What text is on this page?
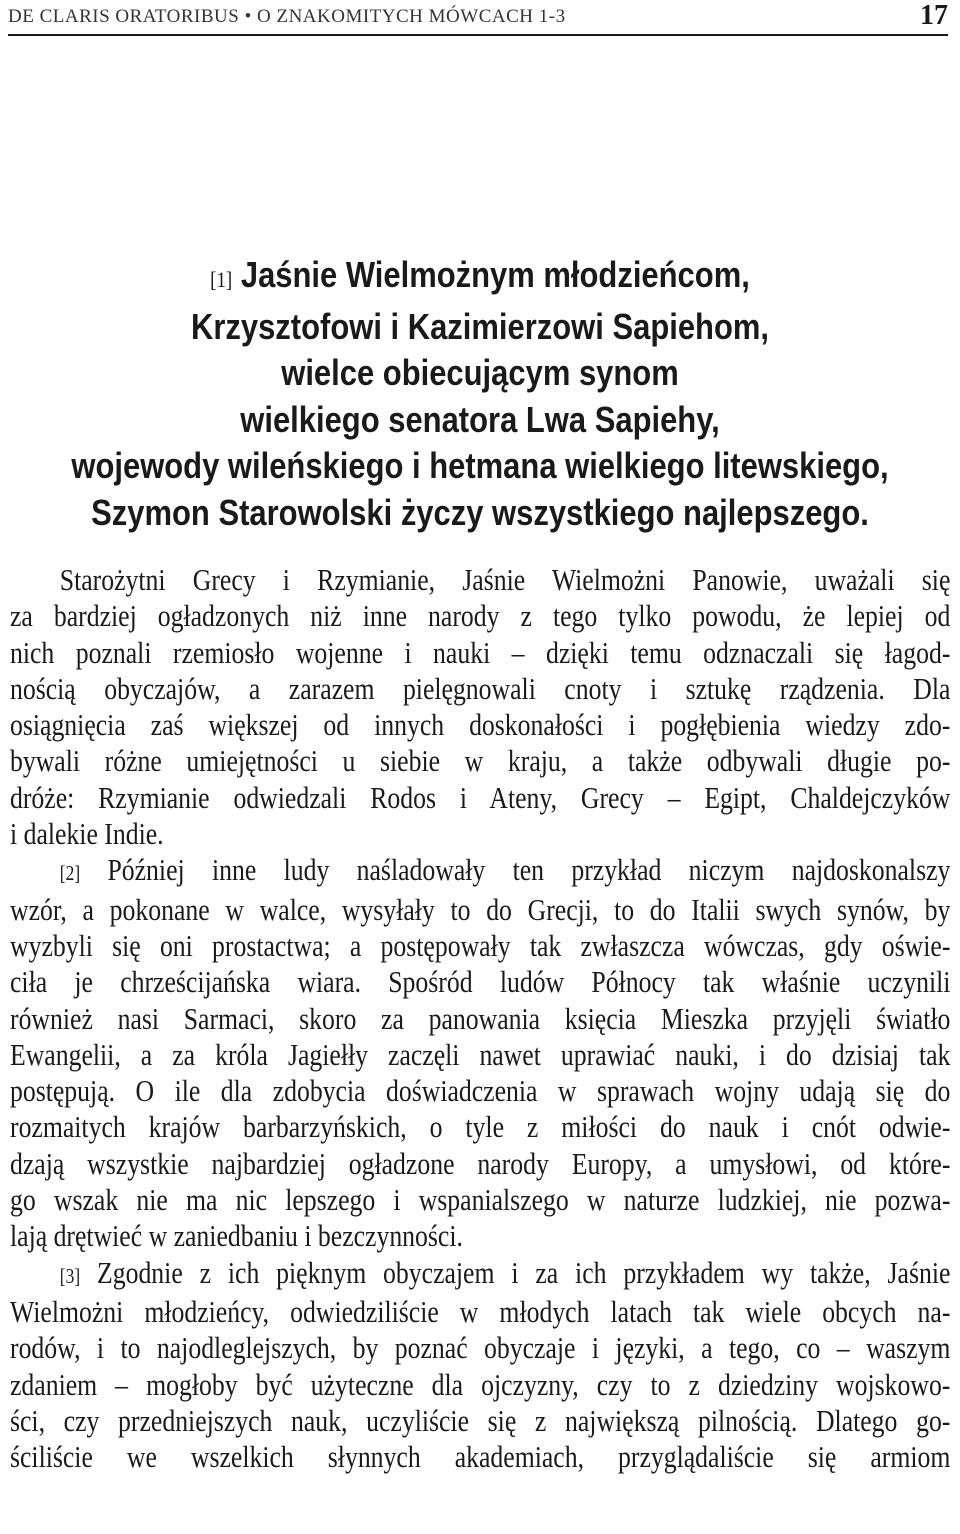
DE CLARIS ORATORIBUS • O ZNAKOMITYCH MÓWCACH 1-3	17
[1] Jaśnie Wielmożnym młodzieńcom,
Krzysztofowi i Kazimierzowi Sapiehom,
wielce obiecującym synom
wielkiego senatora Lwa Sapiehy,
wojewody wileńskiego i hetmana wielkiego litewskiego,
Szymon Starowolski życzy wszystkiego najlepszego.
Starożytni Grecy i Rzymianie, Jaśnie Wielmożni Panowie, uważali się
za bardziej ogładzonych niż inne narody z tego tylko powodu, że lepiej od
nich poznali rzemiosło wojenne i nauki – dzięki temu odznaczali się łagod-
nością obyczajów, a zarazem pielęgnowali cnoty i sztukę rządzenia. Dla
osiągnięcia zaś większej od innych doskonałości i pogłębienia wiedzy zdo-
bywali różne umiejętności u siebie w kraju, a także odbywali długie po-
dróże: Rzymianie odwiedzali Rodos i Ateny, Grecy – Egipt, Chaldejczyków
i dalekie Indie.
[2] Później inne ludy naśladowały ten przykład niczym najdoskonalszy
wzór, a pokonane w walce, wysyłały to do Grecji, to do Italii swych synów, by
wyzbyli się oni prostactwa; a postępowały tak zwłaszcza wówczas, gdy oświe-
ciła je chrześcijańska wiara. Spośród ludów Północy tak właśnie uczynili
również nasi Sarmaci, skoro za panowania księcia Mieszka przyjęli światło
Ewangelii, a za króla Jagiełły zaczęli nawet uprawiać nauki, i do dzisiaj tak
postępują. O ile dla zdobycia doświadczenia w sprawach wojny udają się do
rozmaitych krajów barbarzyńskich, o tyle z miłości do nauk i cnót odwie-
dzają wszystkie najbardziej ogładzone narody Europy, a umysłowi, od które-
go wszak nie ma nic lepszego i wspanialszego w naturze ludzkiej, nie pozwa-
lają drętwieć w zaniedbaniu i bezczynności.
[3] Zgodnie z ich pięknym obyczajem i za ich przykładem wy także, Jaśnie
Wielmożni młodzieńcy, odwiedziliście w młodych latach tak wiele obcych na-
rodów, i to najodleglejszych, by poznać obyczaje i języki, a tego, co – waszym
zdaniem – mogłoby być użyteczne dla ojczyzny, czy to z dziedziny wojskowo-
ści, czy przedniejszych nauk, uczyliście się z największą pilnością. Dlatego go-
ściliście we wszelkich słynnych akademiach, przyglądaliście się armiom
